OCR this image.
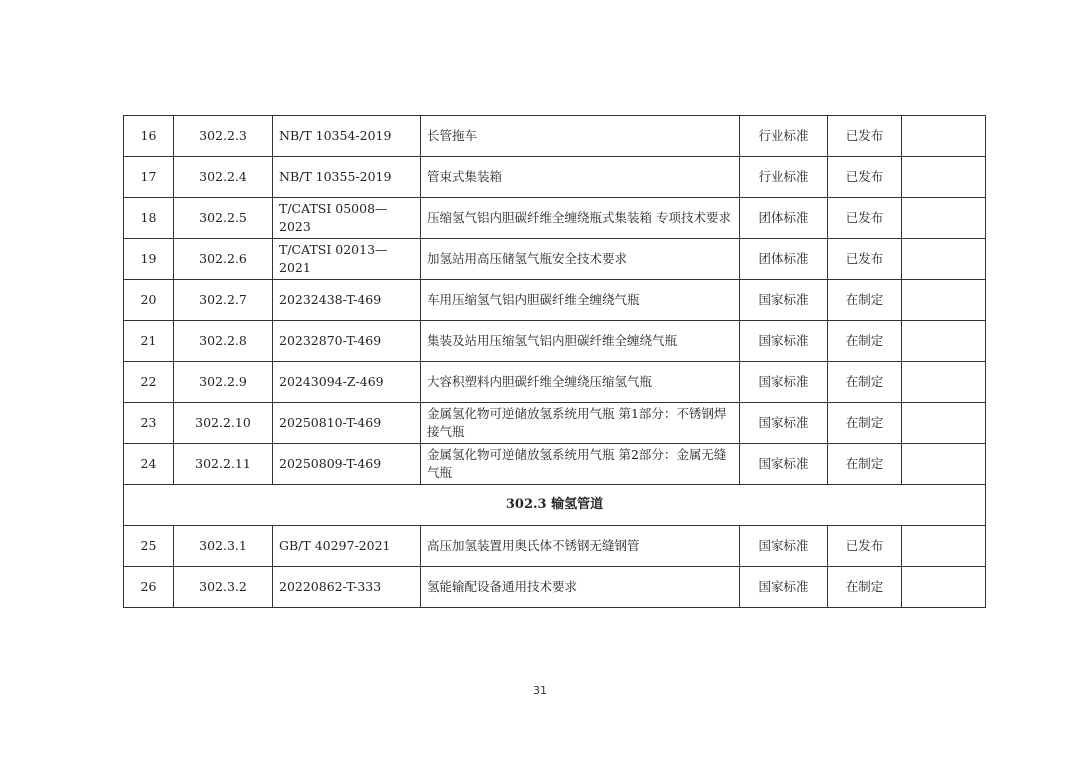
16	302.2.3	NB/T 10354-2019	长管拖车	行业标准	已发布	
17	302.2.4	NB/T 10355-2019	管束式集装箱	行业标准	已发布	
18	302.2.5	T/CATSI 05008—2023	压缩氢气铝内胆碳纤维全缠绕瓶式集装箱 专项技术要求	团体标准	已发布	
19	302.2.6	T/CATSI 02013—2021	加氢站用高压储氢气瓶安全技术要求	团体标准	已发布	
20	302.2.7	20232438-T-469	车用压缩氢气铝内胆碳纤维全缠绕气瓶	国家标准	在制定	
21	302.2.8	20232870-T-469	集装及站用压缩氢气铝内胆碳纤维全缠绕气瓶	国家标准	在制定	
22	302.2.9	20243094-Z-469	大容积塑料内胆碳纤维全缠绕压缩氢气瓶	国家标准	在制定	
23	302.2.10	20250810-T-469	金属氢化物可逆储放氢系统用气瓶 第1部分：不锈钢焊接气瓶	国家标准	在制定	
24	302.2.11	20250809-T-469	金属氢化物可逆储放氢系统用气瓶 第2部分：金属无缝气瓶	国家标准	在制定	
302.3 输氢管道						
25	302.3.1	GB/T 40297-2021	高压加氢装置用奥氏体不锈钢无缝钢管	国家标准	已发布	
26	302.3.2	20220862-T-333	氢能输配设备通用技术要求	国家标准	在制定	
31
